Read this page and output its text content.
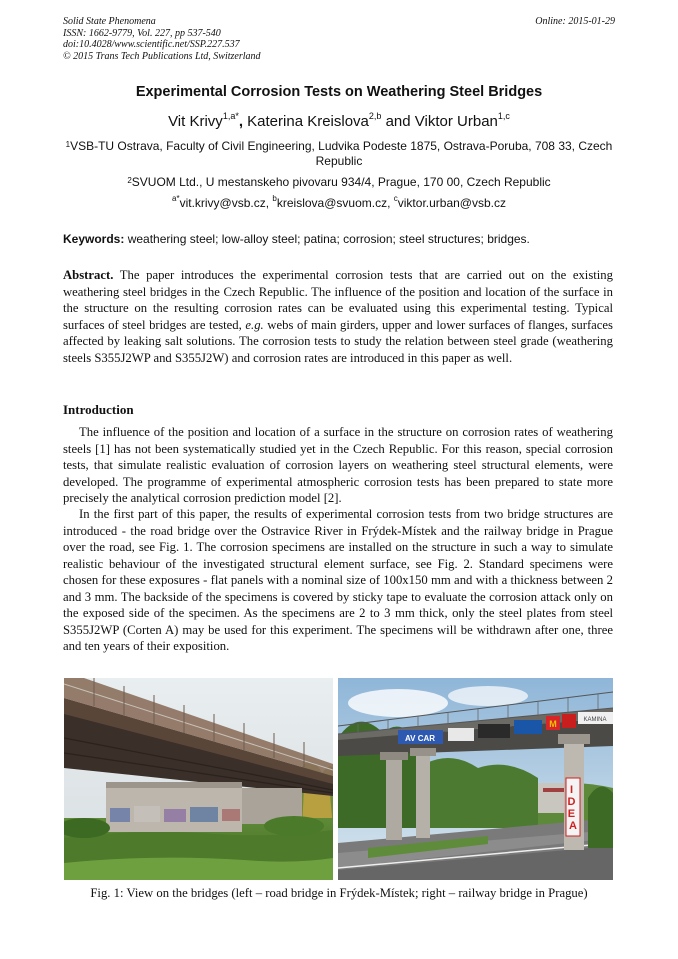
Solid State Phenomena
ISSN: 1662-9779, Vol. 227, pp 537-540
doi:10.4028/www.scientific.net/SSP.227.537
© 2015 Trans Tech Publications Ltd, Switzerland
Online: 2015-01-29
Experimental Corrosion Tests on Weathering Steel Bridges
Vit Krivy$^{1,a*}$, Katerina Kreislova$^{2,b}$ and Viktor Urban$^{1,c}$
$^1$VSB-TU Ostrava, Faculty of Civil Engineering, Ludvika Podeste 1875, Ostrava-Poruba, 708 33, Czech Republic
$^2$SVUOM Ltd., U mestanskeho pivovaru 934/4, Prague, 170 00, Czech Republic
$^{a*}$vit.krivy@vsb.cz, $^b$kreislova@svuom.cz, $^c$viktor.urban@vsb.cz
Keywords: weathering steel; low-alloy steel; patina; corrosion; steel structures; bridges.
Abstract. The paper introduces the experimental corrosion tests that are carried out on the existing weathering steel bridges in the Czech Republic. The influence of the position and location of the surface in the structure on the resulting corrosion rates can be evaluated using this experimental testing. Typical surfaces of steel bridges are tested, e.g. webs of main girders, upper and lower surfaces of flanges, surfaces affected by leaking salt solutions. The corrosion tests to study the relation between steel grade (weathering steels S355J2WP and S355J2W) and corrosion rates are introduced in this paper as well.
Introduction
The influence of the position and location of a surface in the structure on corrosion rates of weathering steels [1] has not been systematically studied yet in the Czech Republic. For this reason, special corrosion tests, that simulate realistic evaluation of corrosion layers on weathering steel structural elements, were developed. The programme of experimental atmospheric corrosion tests has been prepared to state more precisely the analytical corrosion prediction model [2].
In the first part of this paper, the results of experimental corrosion tests from two bridge structures are introduced - the road bridge over the Ostravice River in Frýdek-Místek and the railway bridge in Prague over the road, see Fig. 1. The corrosion specimens are installed on the structure in such a way to simulate realistic behaviour of the investigated structural element surface, see Fig. 2. Standard specimens were chosen for these exposures - flat panels with a nominal size of 100x150 mm and with a thickness between 2 and 3 mm. The backside of the specimens is covered by sticky tape to evaluate the corrosion attack only on the exposed side of the specimen. As the specimens are 2 to 3 mm thick, only the steel plates from steel S355J2WP (Corten A) may be used for this experiment. The specimens will be withdrawn after one, three and ten years of their exposition.
AV CAR
M	KAMINA
I D E A
Fig. 1: View on the bridges (left – road bridge in Frýdek-Místek; right – railway bridge in Prague)
